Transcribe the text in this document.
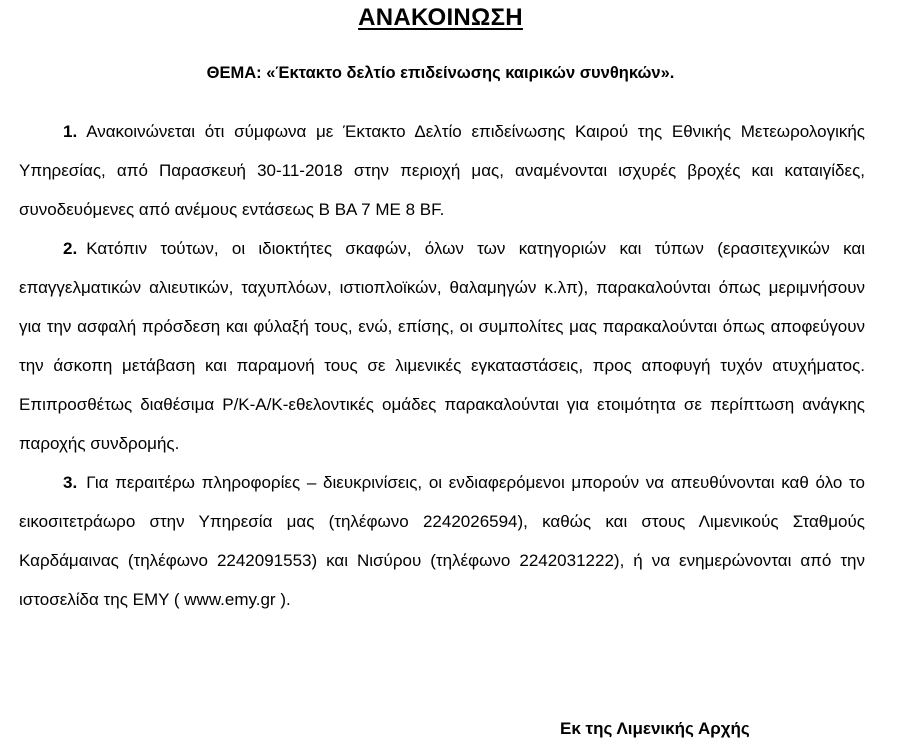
ΑΝΑΚΟΙΝΩΣΗ
ΘΕΜΑ: «Έκτακτο δελτίο επιδείνωσης καιρικών συνθηκών».

1. Ανακοινώνεται ότι σύμφωνα με Έκτακτο Δελτίο επιδείνωσης Καιρού της Εθνικής Μετεωρολογικής Υπηρεσίας, από Παρασκευή 30-11-2018 στην περιοχή μας, αναμένονται ισχυρές βροχές και καταιγίδες, συνοδευόμενες από ανέμους εντάσεως Β ΒΑ 7 ΜΕ 8 BF.

2. Κατόπιν τούτων, οι ιδιοκτήτες σκαφών, όλων των κατηγοριών και τύπων (ερασιτεχνικών και επαγγελματικών αλιευτικών, ταχυπλόων, ιστιοπλοϊκών, θαλαμηγών κ.λπ), παρακαλούνται όπως μεριμνήσουν για την ασφαλή πρόσδεση και φύλαξή τους, ενώ, επίσης, οι συμπολίτες μας παρακαλούνται όπως αποφεύγουν την άσκοπη μετάβαση και παραμονή τους σε λιμενικές εγκαταστάσεις, προς αποφυγή τυχόν ατυχήματος. Επιπροσθέτως διαθέσιμα Ρ/Κ-Α/Κ-εθελοντικές ομάδες παρακαλούνται για ετοιμότητα σε περίπτωση ανάγκης παροχής συνδρομής.

3. Για περαιτέρω πληροφορίες – διευκρινίσεις, οι ενδιαφερόμενοι μπορούν να απευθύνονται καθ όλο το εικοσιτετράωρο στην Υπηρεσία μας (τηλέφωνο 2242026594), καθώς και στους Λιμενικούς Σταθμούς Καρδάμαινας (τηλέφωνο 2242091553) και Νισύρου (τηλέφωνο 2242031222), ή να ενημερώνονται από την ιστοσελίδα της ΕΜΥ ( www.emy.gr ).

Εκ της Λιμενικής Αρχής
